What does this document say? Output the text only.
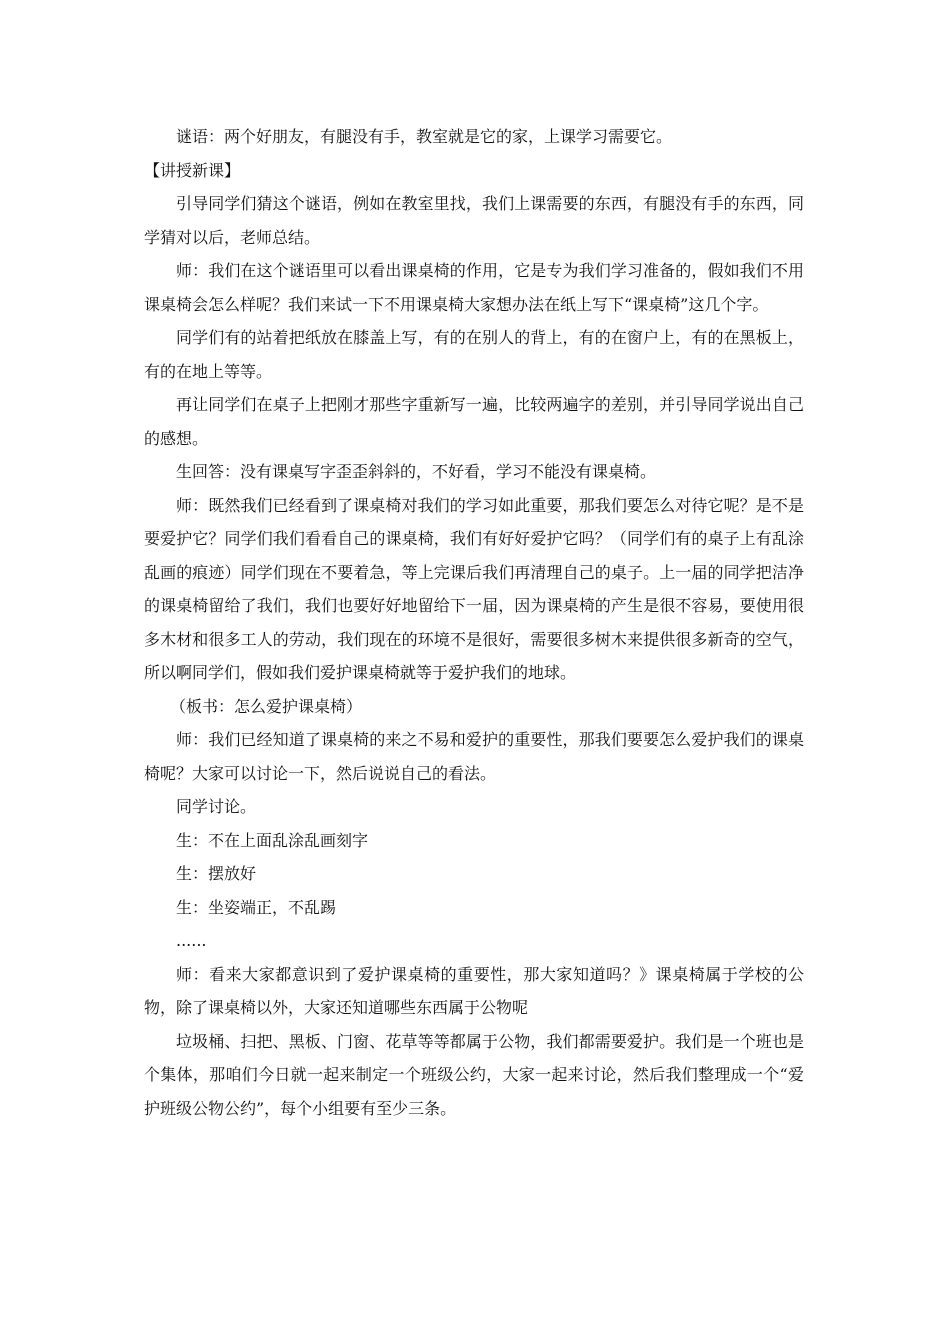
谜语：两个好朋友，有腿没有手，教室就是它的家，上课学习需要它。

【讲授新课】

引导同学们猜这个谜语，例如在教室里找，我们上课需要的东西，有腿没有手的东西，同学猜对以后，老师总结。

师：我们在这个谜语里可以看出课桌椅的作用，它是专为我们学习准备的，假如我们不用课桌椅会怎么样呢？我们来试一下不用课桌椅大家想办法在纸上写下“课桌椅”这几个字。

同学们有的站着把纸放在膝盖上写，有的在别人的背上，有的在窗户上，有的在黑板上，有的在地上等等。

再让同学们在桌子上把刚才那些字重新写一遍，比较两遍字的差别，并引导同学说出自己的感想。

生回答：没有课桌写字歪歪斜斜的，不好看，学习不能没有课桌椅。

师：既然我们已经看到了课桌椅对我们的学习如此重要，那我们要怎么对待它呢？是不是要爱护它？同学们我们看看自己的课桌椅，我们有好好爱护它吗？（同学们有的桌子上有乱涂乱画的痕迹）同学们现在不要着急，等上完课后我们再清理自己的桌子。上一届的同学把洁净的课桌椅留给了我们，我们也要好好地留给下一届，因为课桌椅的产生是很不容易，要使用很多木材和很多工人的劳动，我们现在的环境不是很好，需要很多树木来提供很多新奇的空气，所以啊同学们，假如我们爱护课桌椅就等于爱护我们的地球。

（板书：怎么爱护课桌椅）

师：我们已经知道了课桌椅的来之不易和爱护的重要性，那我们要要怎么爱护我们的课桌椅呢？大家可以讨论一下，然后说说自己的看法。

同学讨论。

生：不在上面乱涂乱画刻字

生：摆放好

生：坐姿端正，不乱踢

......

师：看来大家都意识到了爱护课桌椅的重要性，那大家知道吗？》课桌椅属于学校的公物，除了课桌椅以外，大家还知道哪些东西属于公物呢

垃圾桶、扫把、黑板、门窗、花草等等都属于公物，我们都需要爱护。我们是一个班也是个集体，那咱们今日就一起来制定一个班级公约，大家一起来讨论，然后我们整理成一个“爱护班级公物公约”，每个小组要有至少三条。
